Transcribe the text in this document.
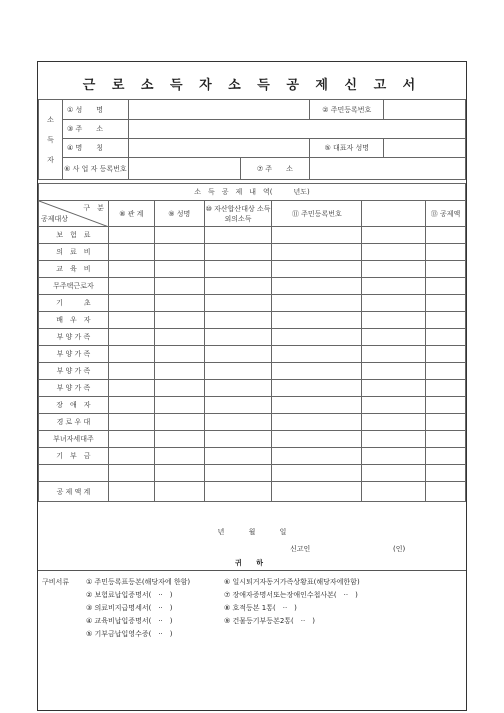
근 로 소 득 자 소 득 공 제 신 고 서
소
득
자	① 성　　명			② 주민등록번호	
	③ 주　　소				
	④ 명　　칭			⑤ 대표자 성명	
	⑥ 사 업 자 등록번호		⑦ 주　　소		
소　득　공　제　내　역(　　　년도)						

구　분
공제대상	⑧ 관 계	⑨ 성명	⑩ 자산합산대상 소득외의소득	⑪ 주민등록번호		⑬ 공제액
보　험　료						
의　료　비						
교　육　비						
무주택근로자						
기　　　초						
배　우　자						
부 양 가 족						
부 양 가 족						
부 양 가 족						
부 양 가 족						
장　애　자						
경 로 우 대						
부녀자세대주						
기　부　금						

공 제 액 계						
년 월 일
신고인	(인)
귀 하
구비서류 ① 주민등록표등본(해당자에 한함)	⑥ 일시퇴거자동거가족상황표(해당자에한함)
② 보험료납입증명서(　··　)	⑦ 장애자증명서또는장애인수첩사본(　··　)
③ 의료비지급명세서(　··　)	⑧ 호적등본 1통(　··　)
④ 교육비납입증명서(　··　)	⑨ 건물등기부등본2통(　··　)
⑤ 기부금납입영수증(　··　)
